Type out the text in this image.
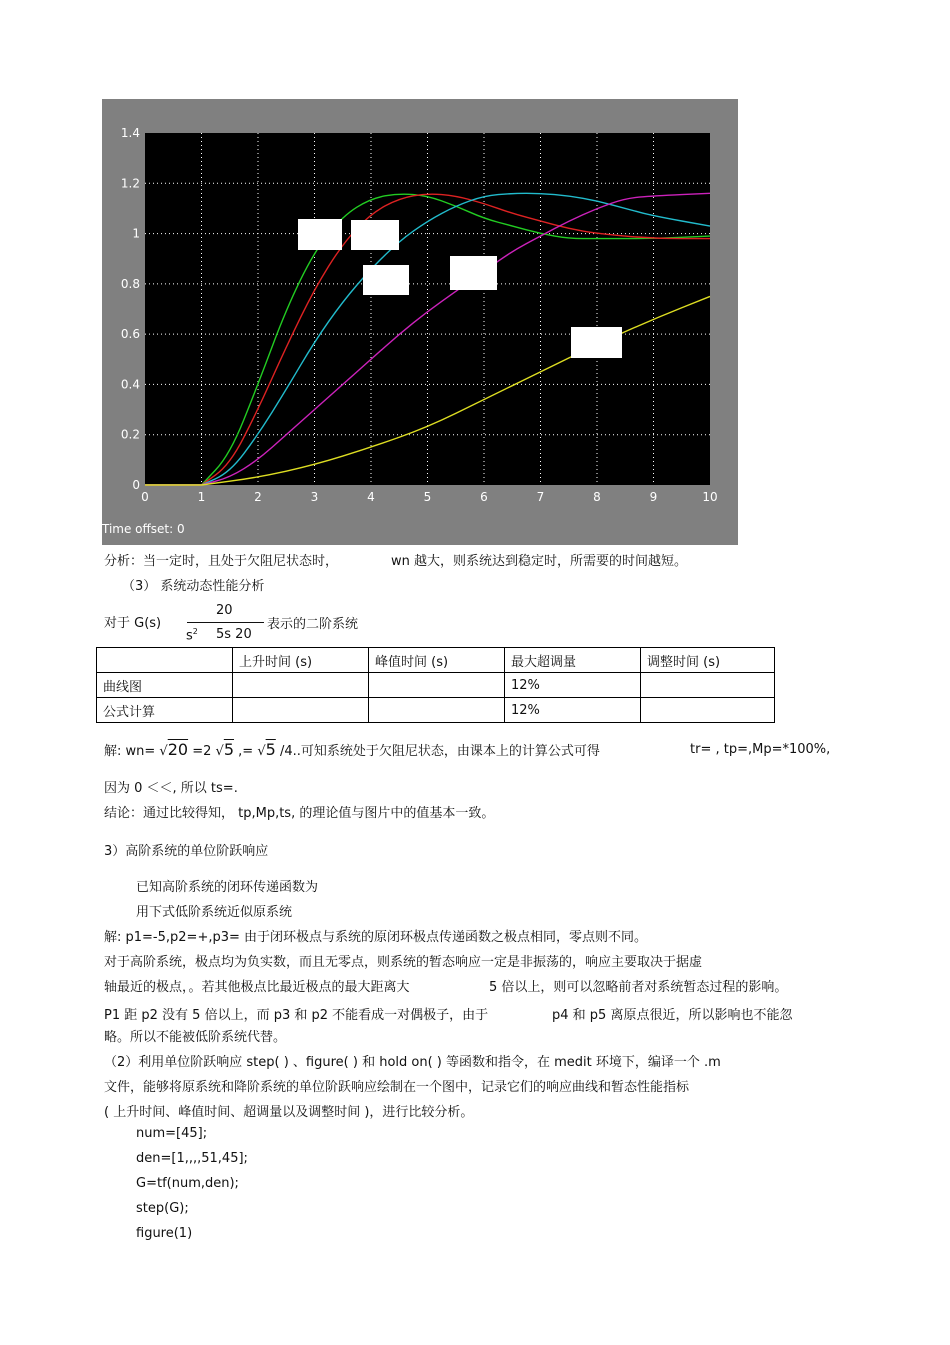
0	1	2	3	4	5	6	7	8	9	10
0
0.2
0.4
0.6
0.8
1
1.2
1.4
Time offset: 0
分析：当一定时，且处于欠阻尼状态时，	wn 越大，则系统达到稳定时，所需要的时间越短。
（3） 系统动态性能分析
对于 G(s)
20
$s^2$ 5s 20
表示的二阶系统
	上升时间 (s)	峰值时间 (s)	最大超调量	调整时间 (s)
曲线图			12%	
公式计算			12%	
解: wn= √20 =2 √5 ,= √5 /4..可知系统处于欠阻尼状态，由课本上的计算公式可得	tr= , tp=,Mp=*100%,
因为 0 ＜＜, 所以 ts=.
结论：通过比较得知， tp,Mp,ts, 的理论值与图片中的值基本一致。
3）高阶系统的单位阶跃响应
已知高阶系统的闭环传递函数为
用下式低阶系统近似原系统
解: p1=-5,p2=+,p3= 由于闭环极点与系统的原闭环极点传递函数之极点相同，零点则不同。
对于高阶系统，极点均为负实数，而且无零点，则系统的暂态响应一定是非振荡的，响应主要取决于据虚
轴最近的极点，。若其他极点比最近极点的最大距离大	5 倍以上，则可以忽略前者对系统暂态过程的影响。
P1 距 p2 没有 5 倍以上，而 p3 和 p2 不能看成一对偶极子，由于	p4 和 p5 离原点很近，所以影响也不能忽
略。所以不能被低阶系统代替。
（2）利用单位阶跃响应 step( ) 、figure( ) 和 hold on( ) 等函数和指令，在 medit 环境下，编译一个 .m
文件，能够将原系统和降阶系统的单位阶跃响应绘制在一个图中，记录它们的响应曲线和暂态性能指标
( 上升时间、峰值时间、超调量以及调整时间 )，进行比较分析。
num=[45];
den=[1,,,,51,45];
G=tf(num,den);
step(G);
figure(1)
